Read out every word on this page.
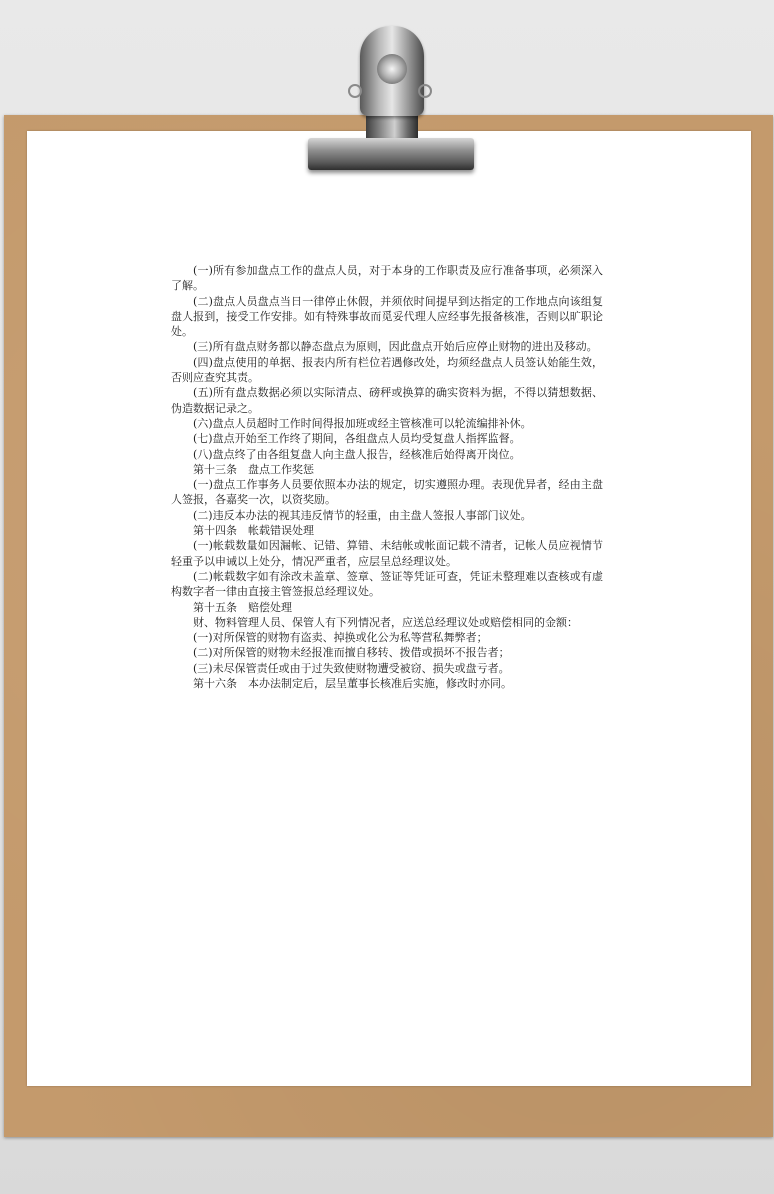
(一)所有参加盘点工作的盘点人员，对于本身的工作职责及应行准备事项，必须深入了解。

(二)盘点人员盘点当日一律停止休假，并须依时间提早到达指定的工作地点向该组复盘人报到，接受工作安排。如有特殊事故而觅妥代理人应经事先报备核准，否则以旷职论处。

(三)所有盘点财务都以静态盘点为原则，因此盘点开始后应停止财物的进出及移动。

(四)盘点使用的单据、报表内所有栏位若遇修改处，均须经盘点人员签认始能生效，否则应查究其责。

(五)所有盘点数据必须以实际清点、磅秤或换算的确实资料为据，不得以猜想数据、伪造数据记录之。

(六)盘点人员超时工作时间得报加班或经主管核准可以轮流编排补休。

(七)盘点开始至工作终了期间，各组盘点人员均受复盘人指挥监督。

(八)盘点终了由各组复盘人向主盘人报告，经核准后始得离开岗位。

第十三条　盘点工作奖惩

(一)盘点工作事务人员要依照本办法的规定，切实遵照办理。表现优异者，经由主盘人签报，各嘉奖一次，以资奖励。

(二)违反本办法的视其违反情节的轻重，由主盘人签报人事部门议处。

第十四条　帐载错误处理

(一)帐载数量如因漏帐、记错、算错、未结帐或帐面记载不清者，记帐人员应视情节轻重予以申诫以上处分，情况严重者，应层呈总经理议处。

(二)帐载数字如有涂改未盖章、签章、签证等凭证可查，凭证未整理难以查核或有虚构数字者一律由直接主管签报总经理议处。

第十五条　赔偿处理

财、物料管理人员、保管人有下列情况者，应送总经理议处或赔偿相同的金额：

(一)对所保管的财物有盗卖、掉换或化公为私等营私舞弊者；

(二)对所保管的财物未经报准而擅自移转、拨借或损坏不报告者；

(三)未尽保管责任或由于过失致使财物遭受被窃、损失或盘亏者。

第十六条　本办法制定后，层呈董事长核准后实施，修改时亦同。
